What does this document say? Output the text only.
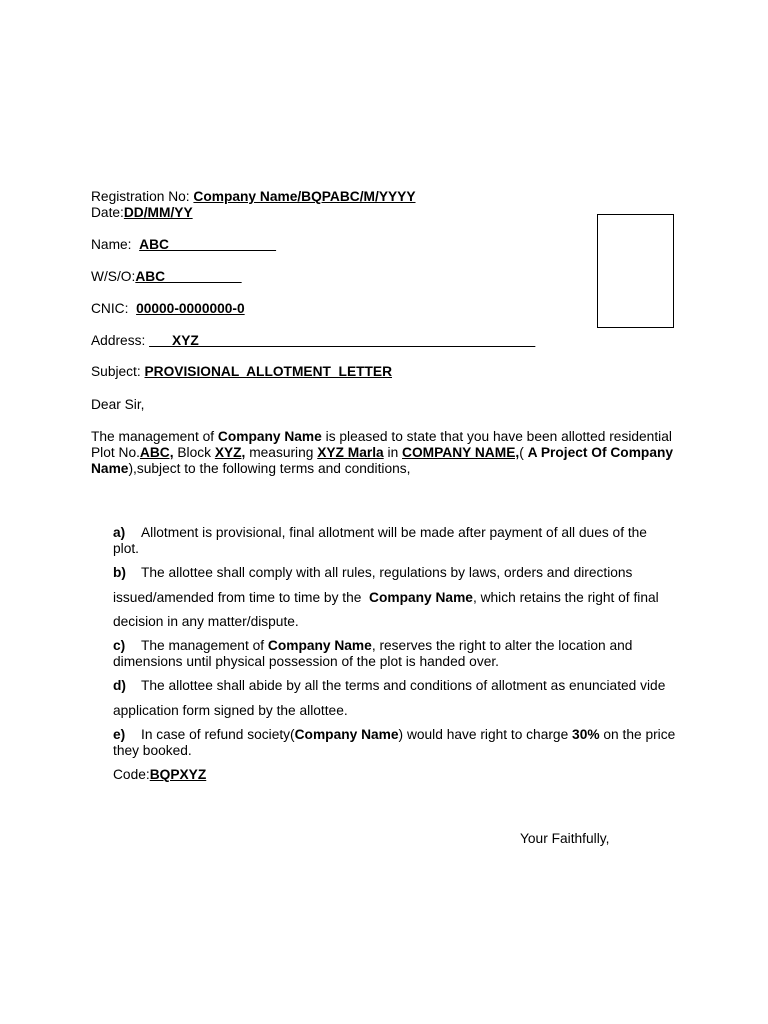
Registration No: Company Name/BQPABC/M/YYYY
Date:DD/MM/YY
Name:  ABC______________
W/S/O:ABC__________
CNIC:  00000-0000000-0
Address: ___XYZ____________________________________________
Subject: PROVISIONAL  ALLOTMENT  LETTER
Dear Sir,
The management of Company Name is pleased to state that you have been allotted residential
Plot No.ABC, Block XYZ, measuring XYZ Marla in COMPANY NAME,( A Project Of Company
Name),subject to the following terms and conditions,
a) Allotment is provisional, final allotment will be made after payment of all dues of the
plot.
b) The allottee shall comply with all rules, regulations by laws, orders and directions
issued/amended from time to time by the  Company Name, which retains the right of final
decision in any matter/dispute.
c) The management of Company Name, reserves the right to alter the location and
dimensions until physical possession of the plot is handed over.
d) The allottee shall abide by all the terms and conditions of allotment as enunciated vide
application form signed by the allottee.
e) In case of refund society(Company Name) would have right to charge 30% on the price
they booked.
Code:BQPXYZ
Your Faithfully,
